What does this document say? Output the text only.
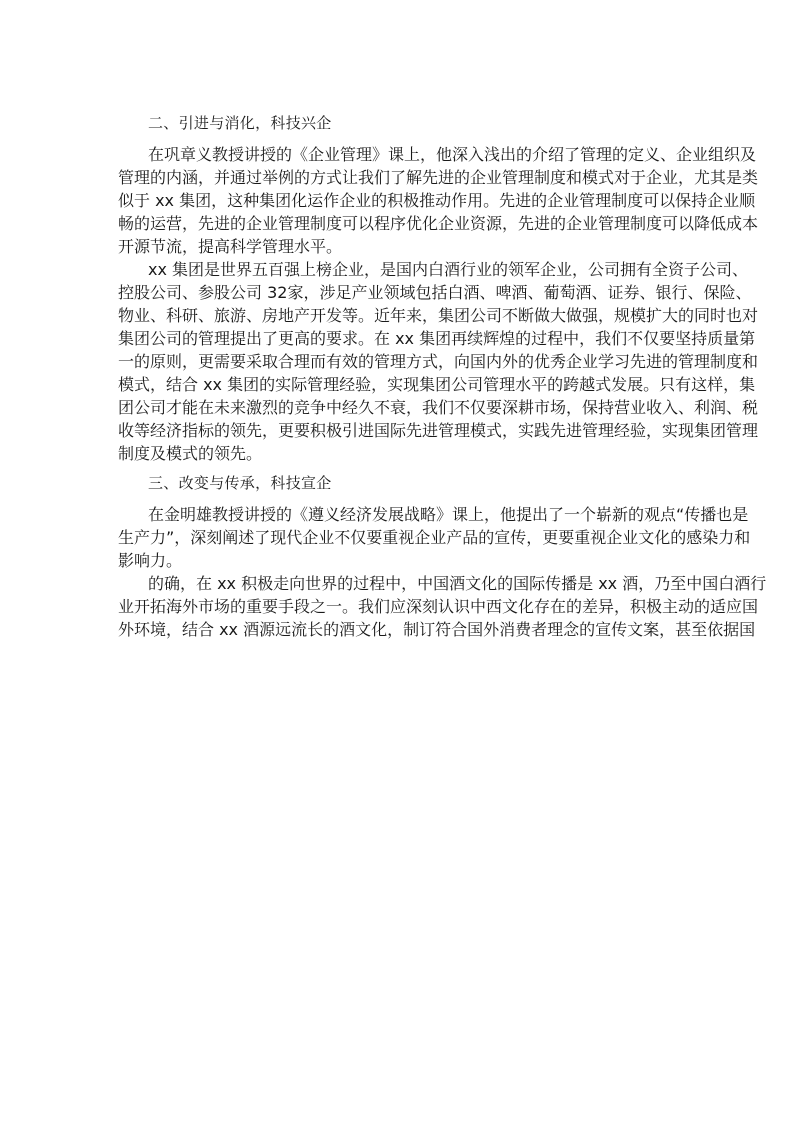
二、引进与消化，科技兴企

在巩章义教授讲授的《企业管理》课上，他深入浅出的介绍了管理的定义、企业组织及
管理的内涵，并通过举例的方式让我们了解先进的企业管理制度和模式对于企业，尤其是类
似于 xx 集团，这种集团化运作企业的积极推动作用。先进的企业管理制度可以保持企业顺
畅的运营，先进的企业管理制度可以程序优化企业资源，先进的企业管理制度可以降低成本
开源节流，提高科学管理水平。
xx 集团是世界五百强上榜企业，是国内白酒行业的领军企业，公司拥有全资子公司、
控股公司、参股公司 32家，涉足产业领域包括白酒、啤酒、葡萄酒、证券、银行、保险、
物业、科研、旅游、房地产开发等。近年来，集团公司不断做大做强，规模扩大的同时也对
集团公司的管理提出了更高的要求。在 xx 集团再续辉煌的过程中，我们不仅要坚持质量第
一的原则，更需要采取合理而有效的管理方式，向国内外的优秀企业学习先进的管理制度和
模式，结合 xx 集团的实际管理经验，实现集团公司管理水平的跨越式发展。只有这样，集
团公司才能在未来激烈的竞争中经久不衰，我们不仅要深耕市场，保持营业收入、利润、税
收等经济指标的领先，更要积极引进国际先进管理模式，实践先进管理经验，实现集团管理
制度及模式的领先。

三、改变与传承，科技宣企

在金明雄教授讲授的《遵义经济发展战略》课上，他提出了一个崭新的观点“传播也是
生产力”，深刻阐述了现代企业不仅要重视企业产品的宣传，更要重视企业文化的感染力和
影响力。
的确，在 xx 积极走向世界的过程中，中国酒文化的国际传播是 xx 酒，乃至中国白酒行
业开拓海外市场的重要手段之一。我们应深刻认识中西文化存在的差异，积极主动的适应国
外环境，结合 xx 酒源远流长的酒文化，制订符合国外消费者理念的宣传文案，甚至依据国
